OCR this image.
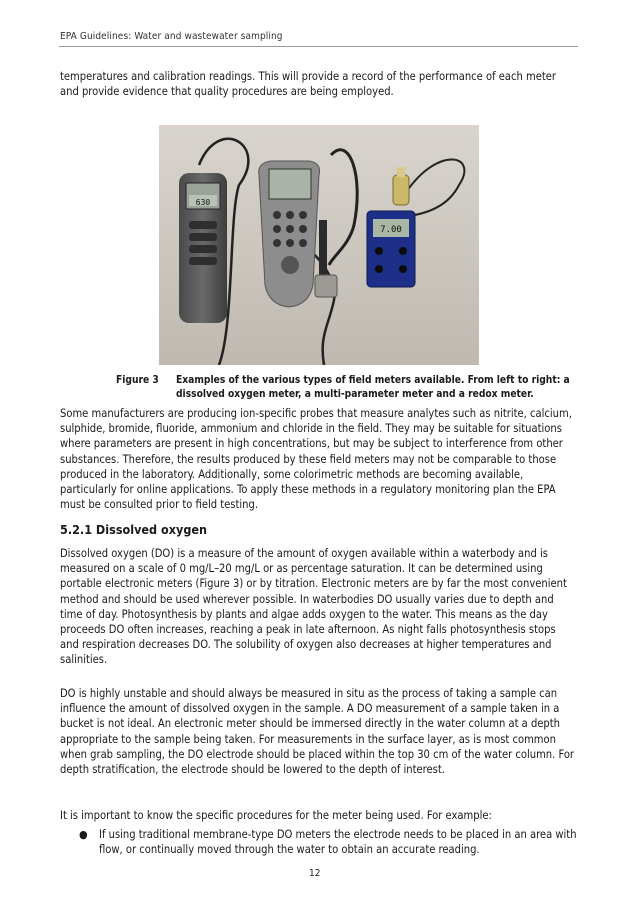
EPA Guidelines: Water and wastewater sampling

temperatures and calibration readings. This will provide a record of the performance of each meter and provide evidence that quality procedures are being employed.

630
7.00
Figure 3 Examples of the various types of field meters available. From left to right: a dissolved oxygen meter, a multi-parameter meter and a redox meter.

Some manufacturers are producing ion-specific probes that measure analytes such as nitrite, calcium, sulphide, bromide, fluoride, ammonium and chloride in the field. They may be suitable for situations where parameters are present in high concentrations, but may be subject to interference from other substances. Therefore, the results produced by these field meters may not be comparable to those produced in the laboratory. Additionally, some colorimetric methods are becoming available, particularly for online applications. To apply these methods in a regulatory monitoring plan the EPA must be consulted prior to field testing.

5.2.1 Dissolved oxygen

Dissolved oxygen (DO) is a measure of the amount of oxygen available within a waterbody and is measured on a scale of 0 mg/L–20 mg/L or as percentage saturation. It can be determined using portable electronic meters (Figure 3) or by titration. Electronic meters are by far the most convenient method and should be used wherever possible. In waterbodies DO usually varies due to depth and time of day. Photosynthesis by plants and algae adds oxygen to the water. This means as the day proceeds DO often increases, reaching a peak in late afternoon. As night falls photosynthesis stops and respiration decreases DO. The solubility of oxygen also decreases at higher temperatures and salinities.

DO is highly unstable and should always be measured in situ as the process of taking a sample can influence the amount of dissolved oxygen in the sample. A DO measurement of a sample taken in a bucket is not ideal. An electronic meter should be immersed directly in the water column at a depth appropriate to the sample being taken. For measurements in the surface layer, as is most common when grab sampling, the DO electrode should be placed within the top 30 cm of the water column. For depth stratification, the electrode should be lowered to the depth of interest.

It is important to know the specific procedures for the meter being used. For example:

● If using traditional membrane-type DO meters the electrode needs to be placed in an area with flow, or continually moved through the water to obtain an accurate reading.

12
